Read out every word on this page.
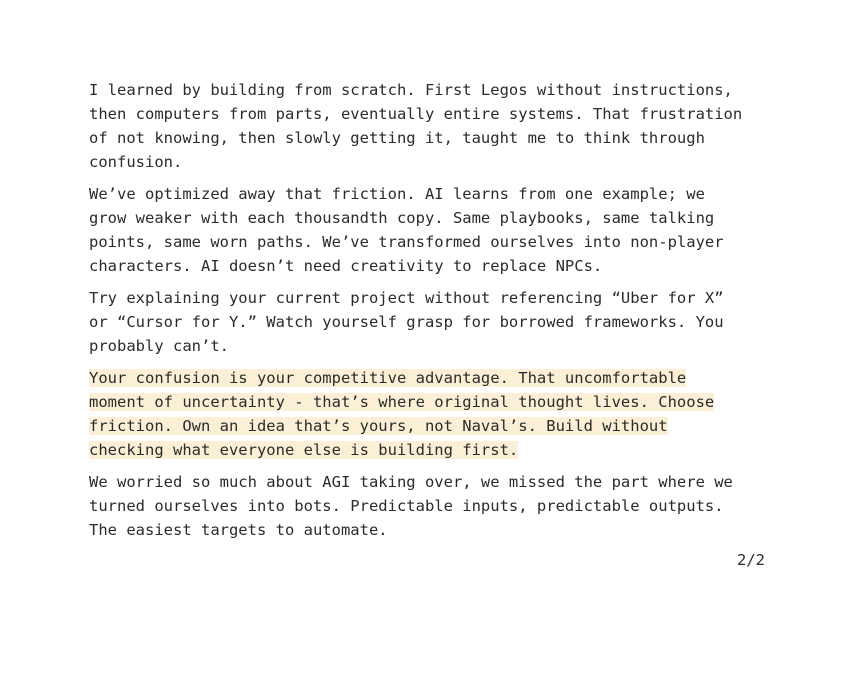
I learned by building from scratch. First Legos without instructions,
then computers from parts, eventually entire systems. That frustration
of not knowing, then slowly getting it, taught me to think through
confusion.

We’ve optimized away that friction. AI learns from one example; we
grow weaker with each thousandth copy. Same playbooks, same talking
points, same worn paths. We’ve transformed ourselves into non-player
characters. AI doesn’t need creativity to replace NPCs.

Try explaining your current project without referencing “Uber for X”
or “Cursor for Y.” Watch yourself grasp for borrowed frameworks. You
probably can’t.

Your confusion is your competitive advantage. That uncomfortable
moment of uncertainty - that’s where original thought lives. Choose
friction. Own an idea that’s yours, not Naval’s. Build without
checking what everyone else is building first.

We worried so much about AGI taking over, we missed the part where we
turned ourselves into bots. Predictable inputs, predictable outputs.
The easiest targets to automate.

2/2
